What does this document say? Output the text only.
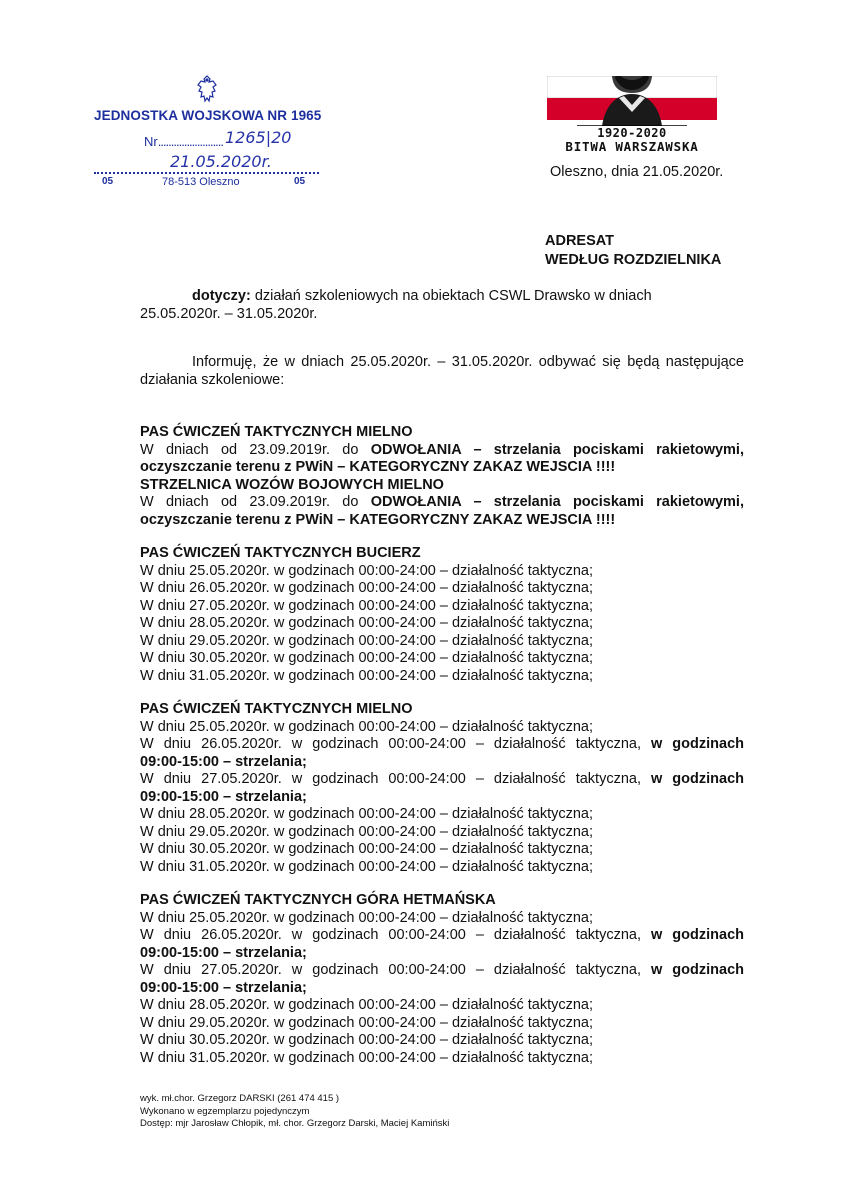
JEDNOSTKA WOJSKOWA NR 1965
Nr......................... 1265|20
21.05.2020r.
05	78-513 Oleszno	05
1920-2020
BITWA WARSZAWSKA
Oleszno, dnia 21.05.2020r.
ADRESAT
WEDŁUG ROZDZIELNIKA
dotyczy: działań szkoleniowych na obiektach CSWL Drawsko w dniach
25.05.2020r. – 31.05.2020r.
Informuję, że w dniach 25.05.2020r. – 31.05.2020r. odbywać się będą następujące działania szkoleniowe:
PAS ĆWICZEŃ TAKTYCZNYCH MIELNO
W dniach od 23.09.2019r. do ODWOŁANIA – strzelania pociskami rakietowymi,
oczyszczanie terenu z PWiN – KATEGORYCZNY ZAKAZ WEJSCIA !!!!
STRZELNICA WOZÓW BOJOWYCH MIELNO
W dniach od 23.09.2019r. do ODWOŁANIA – strzelania pociskami rakietowymi,
oczyszczanie terenu z PWiN – KATEGORYCZNY ZAKAZ WEJSCIA !!!!
PAS ĆWICZEŃ TAKTYCZNYCH BUCIERZ
W dniu 25.05.2020r. w godzinach 00:00-24:00 – działalność taktyczna;
W dniu 26.05.2020r. w godzinach 00:00-24:00 – działalność taktyczna;
W dniu 27.05.2020r. w godzinach 00:00-24:00 – działalność taktyczna;
W dniu 28.05.2020r. w godzinach 00:00-24:00 – działalność taktyczna;
W dniu 29.05.2020r. w godzinach 00:00-24:00 – działalność taktyczna;
W dniu 30.05.2020r. w godzinach 00:00-24:00 – działalność taktyczna;
W dniu 31.05.2020r. w godzinach 00:00-24:00 – działalność taktyczna;
PAS ĆWICZEŃ TAKTYCZNYCH MIELNO
W dniu 25.05.2020r. w godzinach 00:00-24:00 – działalność taktyczna;
W dniu 26.05.2020r. w godzinach 00:00-24:00 – działalność taktyczna, w godzinach
09:00-15:00 – strzelania;
W dniu 27.05.2020r. w godzinach 00:00-24:00 – działalność taktyczna, w godzinach
09:00-15:00 – strzelania;
W dniu 28.05.2020r. w godzinach 00:00-24:00 – działalność taktyczna;
W dniu 29.05.2020r. w godzinach 00:00-24:00 – działalność taktyczna;
W dniu 30.05.2020r. w godzinach 00:00-24:00 – działalność taktyczna;
W dniu 31.05.2020r. w godzinach 00:00-24:00 – działalność taktyczna;
PAS ĆWICZEŃ TAKTYCZNYCH GÓRA HETMAŃSKA
W dniu 25.05.2020r. w godzinach 00:00-24:00 – działalność taktyczna;
W dniu 26.05.2020r. w godzinach 00:00-24:00 – działalność taktyczna, w godzinach
09:00-15:00 – strzelania;
W dniu 27.05.2020r. w godzinach 00:00-24:00 – działalność taktyczna, w godzinach
09:00-15:00 – strzelania;
W dniu 28.05.2020r. w godzinach 00:00-24:00 – działalność taktyczna;
W dniu 29.05.2020r. w godzinach 00:00-24:00 – działalność taktyczna;
W dniu 30.05.2020r. w godzinach 00:00-24:00 – działalność taktyczna;
W dniu 31.05.2020r. w godzinach 00:00-24:00 – działalność taktyczna;
wyk. mł.chor. Grzegorz DARSKI (261 474 415 )
Wykonano w egzemplarzu pojedynczym
Dostęp: mjr Jarosław Chłopik, mł. chor. Grzegorz Darski, Maciej Kamiński
